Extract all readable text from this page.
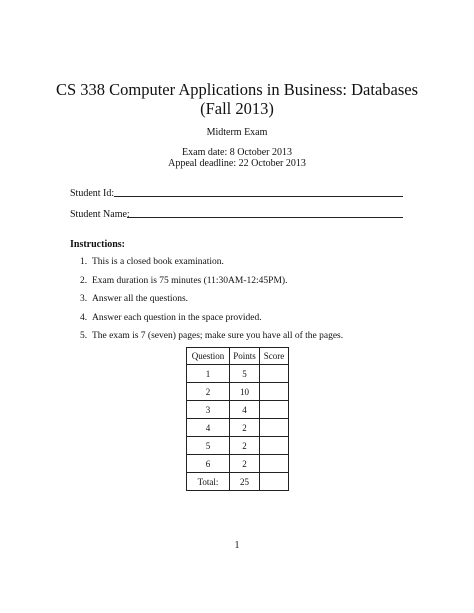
CS 338 Computer Applications in Business: Databases
(Fall 2013)
Midterm Exam
Exam date: 8 October 2013
Appeal deadline: 22 October 2013
Student Id:
Student Name:
Instructions:
1. This is a closed book examination.
2. Exam duration is 75 minutes (11:30AM-12:45PM).
3. Answer all the questions.
4. Answer each question in the space provided.
5. The exam is 7 (seven) pages; make sure you have all of the pages.
Question	Points	Score
1	5	
2	10	
3	4	
4	2	
5	2	
6	2	
Total:	25	
1
